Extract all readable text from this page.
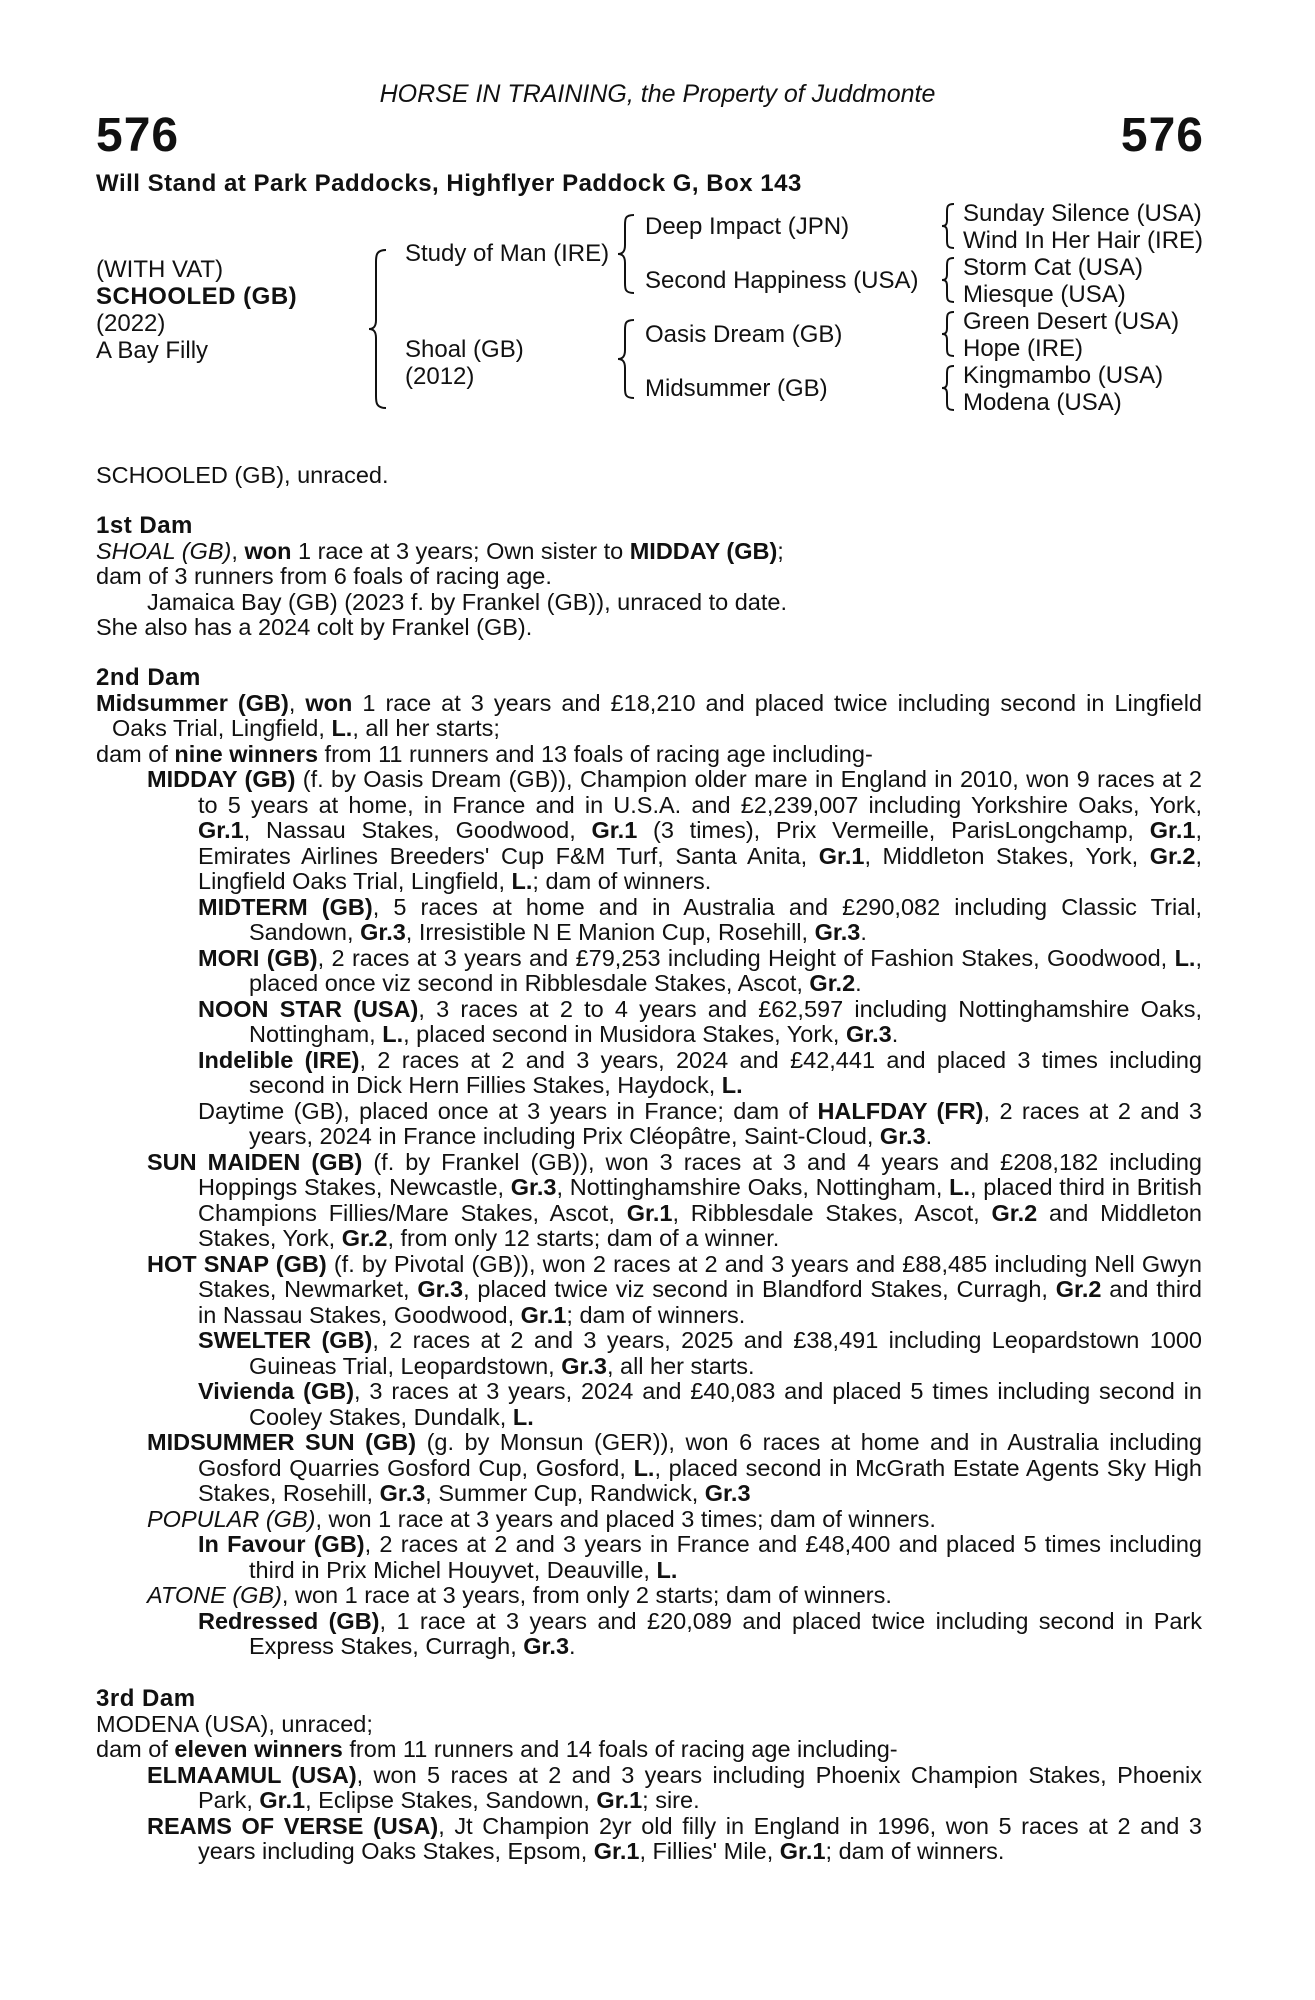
HORSE IN TRAINING, the Property of Juddmonte
576	576
Will Stand at Park Paddocks, Highflyer Paddock G, Box 143
(WITH VAT)
SCHOOLED (GB)
(2022)
A Bay Filly
Study of Man (IRE)
Shoal (GB)
(2012)
Deep Impact (JPN)
Second Happiness (USA)
Oasis Dream (GB)
Midsummer (GB)
Sunday Silence (USA)
Wind In Her Hair (IRE)
Storm Cat (USA)
Miesque (USA)
Green Desert (USA)
Hope (IRE)
Kingmambo (USA)
Modena (USA)

SCHOOLED (GB), unraced.

1st Dam

SHOAL (GB), won 1 race at 3 years; Own sister to MIDDAY (GB);

dam of 3 runners from 6 foals of racing age.

Jamaica Bay (GB) (2023 f. by Frankel (GB)), unraced to date.

She also has a 2024 colt by Frankel (GB).

2nd Dam

Midsummer (GB), won 1 race at 3 years and £18,210 and placed twice including second in Lingfield Oaks Trial, Lingfield, L., all her starts;

dam of nine winners from 11 runners and 13 foals of racing age including-

MIDDAY (GB) (f. by Oasis Dream (GB)), Champion older mare in England in 2010, won 9 races at 2 to 5 years at home, in France and in U.S.A. and £2,239,007 including Yorkshire Oaks, York, Gr.1, Nassau Stakes, Goodwood, Gr.1 (3 times), Prix Vermeille, ParisLongchamp, Gr.1, Emirates Airlines Breeders' Cup F&M Turf, Santa Anita, Gr.1, Middleton Stakes, York, Gr.2, Lingfield Oaks Trial, Lingfield, L.; dam of winners.

MIDTERM (GB), 5 races at home and in Australia and £290,082 including Classic Trial, Sandown, Gr.3, Irresistible N E Manion Cup, Rosehill, Gr.3.

MORI (GB), 2 races at 3 years and £79,253 including Height of Fashion Stakes, Goodwood, L., placed once viz second in Ribblesdale Stakes, Ascot, Gr.2.

NOON STAR (USA), 3 races at 2 to 4 years and £62,597 including Nottinghamshire Oaks, Nottingham, L., placed second in Musidora Stakes, York, Gr.3.

Indelible (IRE), 2 races at 2 and 3 years, 2024 and £42,441 and placed 3 times including second in Dick Hern Fillies Stakes, Haydock, L.

Daytime (GB), placed once at 3 years in France; dam of HALFDAY (FR), 2 races at 2 and 3 years, 2024 in France including Prix Cléopâtre, Saint-Cloud, Gr.3.

SUN MAIDEN (GB) (f. by Frankel (GB)), won 3 races at 3 and 4 years and £208,182 including Hoppings Stakes, Newcastle, Gr.3, Nottinghamshire Oaks, Nottingham, L., placed third in British Champions Fillies/Mare Stakes, Ascot, Gr.1, Ribblesdale Stakes, Ascot, Gr.2 and Middleton Stakes, York, Gr.2, from only 12 starts; dam of a winner.

HOT SNAP (GB) (f. by Pivotal (GB)), won 2 races at 2 and 3 years and £88,485 including Nell Gwyn Stakes, Newmarket, Gr.3, placed twice viz second in Blandford Stakes, Curragh, Gr.2 and third in Nassau Stakes, Goodwood, Gr.1; dam of winners.

SWELTER (GB), 2 races at 2 and 3 years, 2025 and £38,491 including Leopardstown 1000 Guineas Trial, Leopardstown, Gr.3, all her starts.

Vivienda (GB), 3 races at 3 years, 2024 and £40,083 and placed 5 times including second in Cooley Stakes, Dundalk, L.

MIDSUMMER SUN (GB) (g. by Monsun (GER)), won 6 races at home and in Australia including Gosford Quarries Gosford Cup, Gosford, L., placed second in McGrath Estate Agents Sky High Stakes, Rosehill, Gr.3, Summer Cup, Randwick, Gr.3

POPULAR (GB), won 1 race at 3 years and placed 3 times; dam of winners.

In Favour (GB), 2 races at 2 and 3 years in France and £48,400 and placed 5 times including third in Prix Michel Houyvet, Deauville, L.

ATONE (GB), won 1 race at 3 years, from only 2 starts; dam of winners.

Redressed (GB), 1 race at 3 years and £20,089 and placed twice including second in Park Express Stakes, Curragh, Gr.3.

3rd Dam

MODENA (USA), unraced;

dam of eleven winners from 11 runners and 14 foals of racing age including-

ELMAAMUL (USA), won 5 races at 2 and 3 years including Phoenix Champion Stakes, Phoenix Park, Gr.1, Eclipse Stakes, Sandown, Gr.1; sire.

REAMS OF VERSE (USA), Jt Champion 2yr old filly in England in 1996, won 5 races at 2 and 3 years including Oaks Stakes, Epsom, Gr.1, Fillies' Mile, Gr.1; dam of winners.
